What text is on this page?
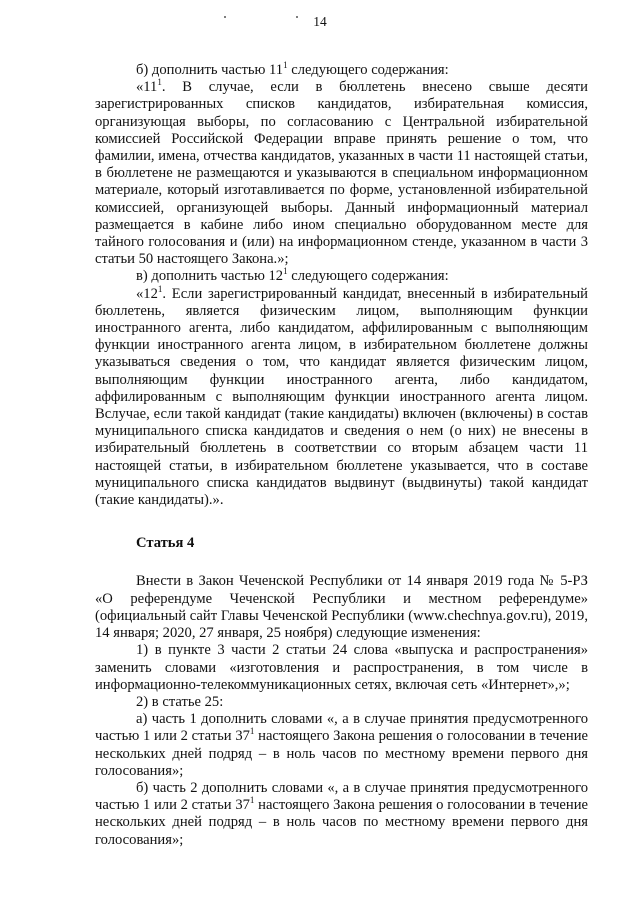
14

б) дополнить частью $11^1$ следующего содержания:

«$11^1$. В случае, если в бюллетень внесено свыше десяти зарегистрированных списков кандидатов, избирательная комиссия, организующая выборы, по согласованию с Центральной избирательной комиссией Российской Федерации вправе принять решение о том, что фамилии, имена, отчества кандидатов, указанных в части 11 настоящей статьи, в бюллетене не размещаются и указываются в специальном информационном материале, который изготавливается по форме, установленной избирательной комиссией, организующей выборы. Данный информационный материал размещается в кабине либо ином специально оборудованном месте для тайного голосования и (или) на информационном стенде, указанном в части 3 статьи 50 настоящего Закона.»;

в) дополнить частью $12^1$ следующего содержания:

«$12^1$. Если зарегистрированный кандидат, внесенный в избирательный бюллетень, является физическим лицом, выполняющим функции иностранного агента, либо кандидатом, аффилированным с выполняющим функции иностранного агента лицом, в избирательном бюллетене должны указываться сведения о том, что кандидат является физическим лицом, выполняющим функции иностранного агента, либо кандидатом, аффилированным с выполняющим функции иностранного агента лицом. Вслучае, если такой кандидат (такие кандидаты) включен (включены) в состав муниципального списка кандидатов и сведения о нем (о них) не внесены в избирательный бюллетень в соответствии со вторым абзацем части 11 настоящей статьи, в избирательном бюллетене указывается, что в составе муниципального списка кандидатов выдвинут (выдвинуты) такой кандидат (такие кандидаты).».

Статья 4

Внести в Закон Чеченской Республики от 14 января 2019 года № 5-РЗ «О референдуме Чеченской Республики и местном референдуме» (официальный сайт Главы Чеченской Республики (www.chechnya.gov.ru), 2019, 14 января; 2020, 27 января, 25 ноября) следующие изменения:

1) в пункте 3 части 2 статьи 24 слова «выпуска и распространения» заменить словами «изготовления и распространения, в том числе в информационно-телекоммуникационных сетях, включая сеть «Интернет»,»;

2) в статье 25:

а) часть 1 дополнить словами «, а в случае принятия предусмотренного частью 1 или 2 статьи $37^1$ настоящего Закона решения о голосовании в течение нескольких дней подряд – в ноль часов по местному времени первого дня голосования»;

б) часть 2 дополнить словами «, а в случае принятия предусмотренного частью 1 или 2 статьи $37^1$ настоящего Закона решения о голосовании в течение нескольких дней подряд – в ноль часов по местному времени первого дня голосования»;
